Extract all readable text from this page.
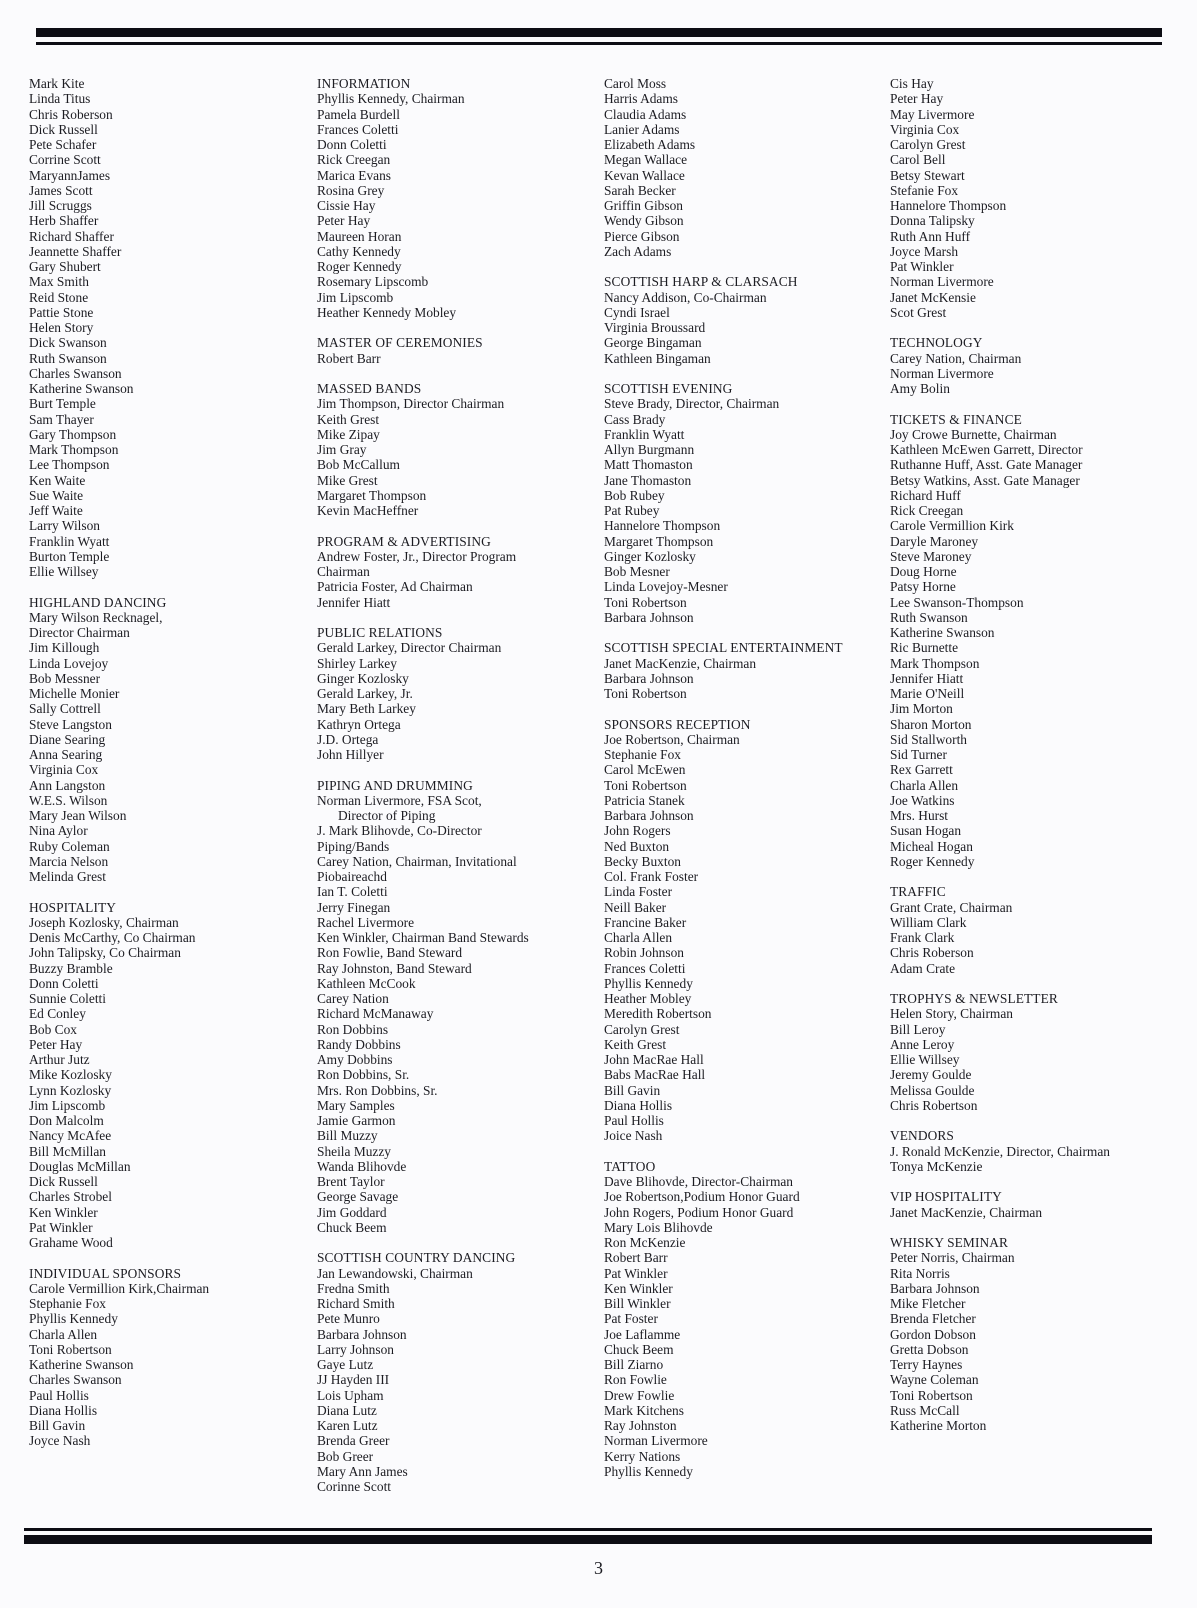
Mark Kite
Linda Titus
Chris Roberson
Dick Russell
Pete Schafer
Corrine Scott
MaryannJames
James Scott
Jill Scruggs
Herb Shaffer
Richard Shaffer
Jeannette Shaffer
Gary Shubert
Max Smith
Reid Stone
Pattie Stone
Helen Story
Dick Swanson
Ruth Swanson
Charles Swanson
Katherine Swanson
Burt Temple
Sam Thayer
Gary Thompson
Mark Thompson
Lee Thompson
Ken Waite
Sue Waite
Jeff Waite
Larry Wilson
Franklin Wyatt
Burton Temple
Ellie Willsey
HIGHLAND DANCING
Mary Wilson Recknagel,
Director Chairman
Jim Killough
Linda Lovejoy
Bob Messner
Michelle Monier
Sally Cottrell
Steve Langston
Diane Searing
Anna Searing
Virginia Cox
Ann Langston
W.E.S. Wilson
Mary Jean Wilson
Nina Aylor
Ruby Coleman
Marcia Nelson
Melinda Grest
HOSPITALITY
Joseph Kozlosky, Chairman
Denis McCarthy, Co Chairman
John Talipsky, Co Chairman
Buzzy Bramble
Donn Coletti
Sunnie Coletti
Ed Conley
Bob Cox
Peter Hay
Arthur Jutz
Mike Kozlosky
Lynn Kozlosky
Jim Lipscomb
Don Malcolm
Nancy McAfee
Bill McMillan
Douglas McMillan
Dick Russell
Charles Strobel
Ken Winkler
Pat Winkler
Grahame Wood
INDIVIDUAL SPONSORS
Carole Vermillion Kirk,Chairman
Stephanie Fox
Phyllis Kennedy
Charla Allen
Toni Robertson
Katherine Swanson
Charles Swanson
Paul Hollis
Diana Hollis
Bill Gavin
Joyce Nash
INFORMATION
Phyllis Kennedy, Chairman
Pamela Burdell
Frances Coletti
Donn Coletti
Rick Creegan
Marica Evans
Rosina Grey
Cissie Hay
Peter Hay
Maureen Horan
Cathy Kennedy
Roger Kennedy
Rosemary Lipscomb
Jim Lipscomb
Heather Kennedy Mobley
MASTER OF CEREMONIES
Robert Barr
MASSED BANDS
Jim Thompson, Director Chairman
Keith Grest
Mike Zipay
Jim Gray
Bob McCallum
Mike Grest
Margaret Thompson
Kevin MacHeffner
PROGRAM & ADVERTISING
Andrew Foster, Jr., Director Program
Chairman
Patricia Foster, Ad Chairman
Jennifer Hiatt
PUBLIC RELATIONS
Gerald Larkey, Director Chairman
Shirley Larkey
Ginger Kozlosky
Gerald Larkey, Jr.
Mary Beth Larkey
Kathryn Ortega
J.D. Ortega
John Hillyer
PIPING AND DRUMMING
Norman Livermore, FSA Scot,
Director of Piping
J. Mark Blihovde, Co-Director
Piping/Bands
Carey Nation, Chairman, Invitational
Piobaireachd
Ian T. Coletti
Jerry Finegan
Rachel Livermore
Ken Winkler, Chairman Band Stewards
Ron Fowlie, Band Steward
Ray Johnston, Band Steward
Kathleen McCook
Carey Nation
Richard McManaway
Ron Dobbins
Randy Dobbins
Amy Dobbins
Ron Dobbins, Sr.
Mrs. Ron Dobbins, Sr.
Mary Samples
Jamie Garmon
Bill Muzzy
Sheila Muzzy
Wanda Blihovde
Brent Taylor
George Savage
Jim Goddard
Chuck Beem
SCOTTISH COUNTRY DANCING
Jan Lewandowski, Chairman
Fredna Smith
Richard Smith
Pete Munro
Barbara Johnson
Larry Johnson
Gaye Lutz
JJ Hayden III
Lois Upham
Diana Lutz
Karen Lutz
Brenda Greer
Bob Greer
Mary Ann James
Corinne Scott
Carol Moss
Harris Adams
Claudia Adams
Lanier Adams
Elizabeth Adams
Megan Wallace
Kevan Wallace
Sarah Becker
Griffin Gibson
Wendy Gibson
Pierce Gibson
Zach Adams
SCOTTISH HARP & CLARSACH
Nancy Addison, Co-Chairman
Cyndi Israel
Virginia Broussard
George Bingaman
Kathleen Bingaman
SCOTTISH EVENING
Steve Brady, Director, Chairman
Cass Brady
Franklin Wyatt
Allyn Burgmann
Matt Thomaston
Jane Thomaston
Bob Rubey
Pat Rubey
Hannelore Thompson
Margaret Thompson
Ginger Kozlosky
Bob Mesner
Linda Lovejoy-Mesner
Toni Robertson
Barbara Johnson
SCOTTISH SPECIAL ENTERTAINMENT
Janet MacKenzie, Chairman
Barbara Johnson
Toni Robertson
SPONSORS RECEPTION
Joe Robertson, Chairman
Stephanie Fox
Carol McEwen
Toni Robertson
Patricia Stanek
Barbara Johnson
John Rogers
Ned Buxton
Becky Buxton
Col. Frank Foster
Linda Foster
Neill Baker
Francine Baker
Charla Allen
Robin Johnson
Frances Coletti
Phyllis Kennedy
Heather Mobley
Meredith Robertson
Carolyn Grest
Keith Grest
John MacRae Hall
Babs MacRae Hall
Bill Gavin
Diana Hollis
Paul Hollis
Joice Nash
TATTOO
Dave Blihovde, Director-Chairman
Joe Robertson,Podium Honor Guard
John Rogers, Podium Honor Guard
Mary Lois Blihovde
Ron McKenzie
Robert Barr
Pat Winkler
Ken Winkler
Bill Winkler
Pat Foster
Joe Laflamme
Chuck Beem
Bill Ziarno
Ron Fowlie
Drew Fowlie
Mark Kitchens
Ray Johnston
Norman Livermore
Kerry Nations
Phyllis Kennedy
Cis Hay
Peter Hay
May Livermore
Virginia Cox
Carolyn Grest
Carol Bell
Betsy Stewart
Stefanie Fox
Hannelore Thompson
Donna Talipsky
Ruth Ann Huff
Joyce Marsh
Pat Winkler
Norman Livermore
Janet McKensie
Scot Grest
TECHNOLOGY
Carey Nation, Chairman
Norman Livermore
Amy Bolin
TICKETS & FINANCE
Joy Crowe Burnette, Chairman
Kathleen McEwen Garrett, Director
Ruthanne Huff, Asst. Gate Manager
Betsy Watkins, Asst. Gate Manager
Richard Huff
Rick Creegan
Carole Vermillion Kirk
Daryle Maroney
Steve Maroney
Doug Horne
Patsy Horne
Lee Swanson-Thompson
Ruth Swanson
Katherine Swanson
Ric Burnette
Mark Thompson
Jennifer Hiatt
Marie O'Neill
Jim Morton
Sharon Morton
Sid Stallworth
Sid Turner
Rex Garrett
Charla Allen
Joe Watkins
Mrs. Hurst
Susan Hogan
Micheal Hogan
Roger Kennedy
TRAFFIC
Grant Crate, Chairman
William Clark
Frank Clark
Chris Roberson
Adam Crate
TROPHYS & NEWSLETTER
Helen Story, Chairman
Bill Leroy
Anne Leroy
Ellie Willsey
Jeremy Goulde
Melissa Goulde
Chris Robertson
VENDORS
J. Ronald McKenzie, Director, Chairman
Tonya McKenzie
VIP HOSPITALITY
Janet MacKenzie, Chairman
WHISKY SEMINAR
Peter Norris, Chairman
Rita Norris
Barbara Johnson
Mike Fletcher
Brenda Fletcher
Gordon Dobson
Gretta Dobson
Terry Haynes
Wayne Coleman
Toni Robertson
Russ McCall
Katherine Morton
3
